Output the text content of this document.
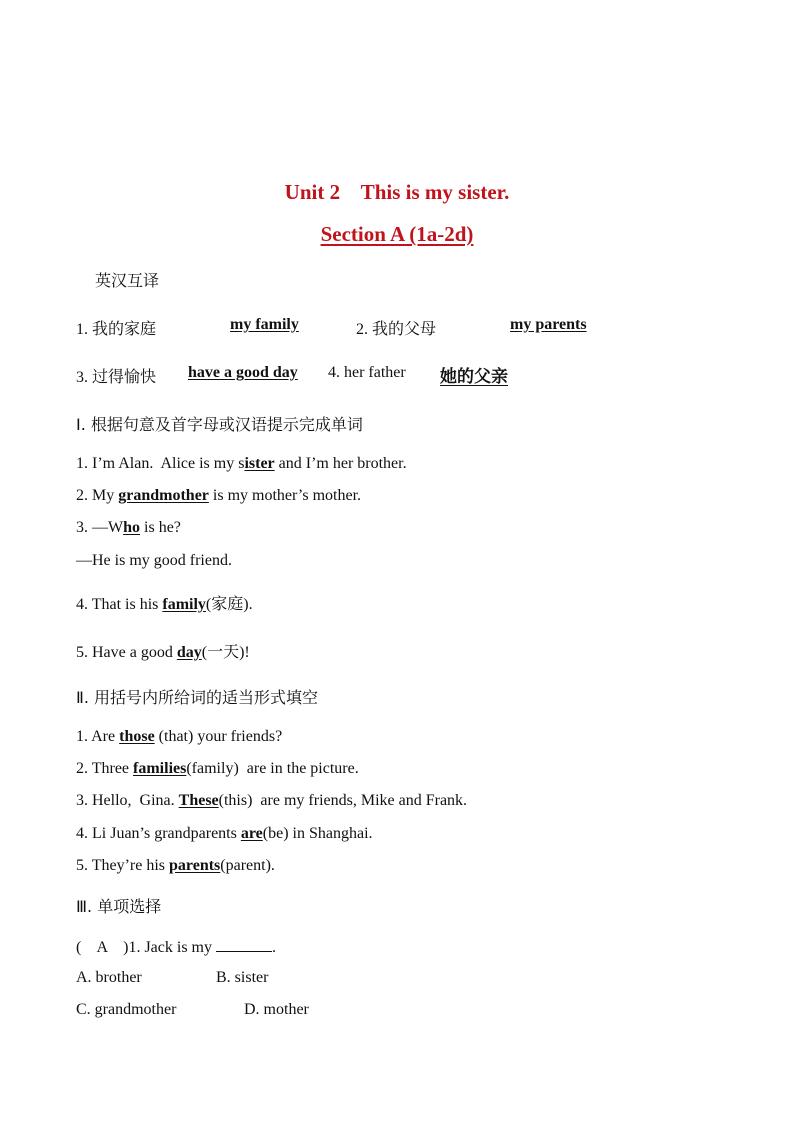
Unit 2 This is my sister.
Section A (1a-2d)
英汉互译
1. 我的家庭	my family	2. 我的父母	my parents
3. 过得愉快 have a good day 4. her father 她的父亲
Ⅰ. 根据句意及首字母或汉语提示完成单词
1. I’m Alan.  Alice is my sister and I’m her brother.
2. My grandmother is my mother’s mother.
3. —Who is he?
—He is my good friend.
4. That is his family(家庭).
5. Have a good day(一天)!
Ⅱ. 用括号内所给词的适当形式填空
1. Are those (that) your friends?
2. Three families(family)  are in the picture.
3. Hello,  Gina. These(this)  are my friends, Mike and Frank.
4. Li Juan’s grandparents are(be) in Shanghai.
5. They’re his parents(parent).
Ⅲ. 单项选择
( A )1. Jack is my	.
A. brother	B. sister
C. grandmother	D. mother
